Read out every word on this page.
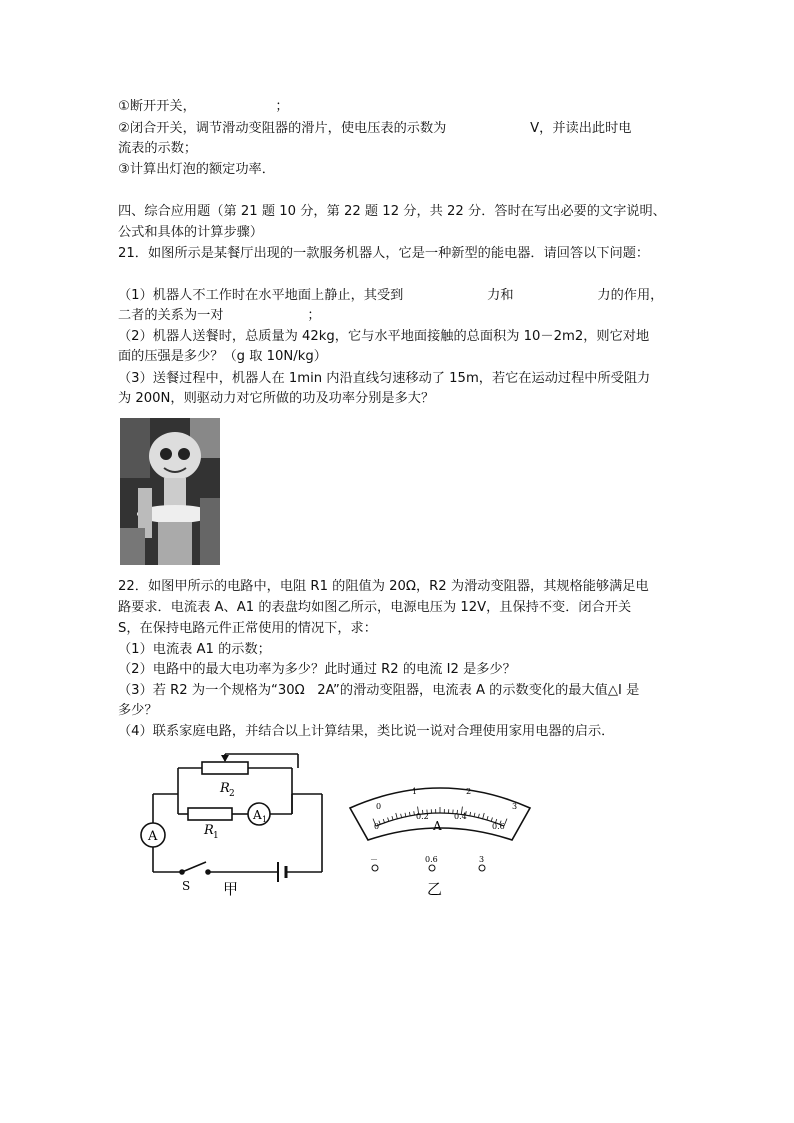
①断开开关，                   ；
②闭合开关，调节滑动变阻器的滑片，使电压表的示数为                    V，并读出此时电
流表的示数；
③计算出灯泡的额定功率．
四、综合应用题（第 21 题 10 分，第 22 题 12 分，共 22 分．答时在写出必要的文字说明、
公式和具体的计算步骤）
21．如图所示是某餐厅出现的一款服务机器人，它是一种新型的能电器．请回答以下问题：
（1）机器人不工作时在水平地面上静止，其受到                    力和                    力的作用，
二者的关系为一对                    ；
（2）机器人送餐时，总质量为 42kg，它与水平地面接触的总面积为 10－2m2，则它对地
面的压强是多少？（g 取 10N/kg）
（3）送餐过程中，机器人在 1min 内沿直线匀速移动了 15m，若它在运动过程中所受阻力
为 200N，则驱动力对它所做的功及功率分别是多大？
22．如图甲所示的电路中，电阻 R1 的阻值为 20Ω，R2 为滑动变阻器，其规格能够满足电
路要求．电流表 A、A1 的表盘均如图乙所示，电源电压为 12V，且保持不变．闭合开关
S，在保持电路元件正常使用的情况下，求：
（1）电流表 A1 的示数；
（2）电路中的最大电功率为多少？此时通过 R2 的电流 I2 是多少？
（3）若 R2 为一个规格为“30Ω   2A”的滑动变阻器，电流表 A 的示数变化的最大值△I 是
多少？
（4）联系家庭电路，并结合以上计算结果，类比说一说对合理使用家用电器的启示．
R 2
R 1
A 1
A
S 甲
0
0.2	0.4
0.6
0
1	2
3
A
－	0.6	3
乙
